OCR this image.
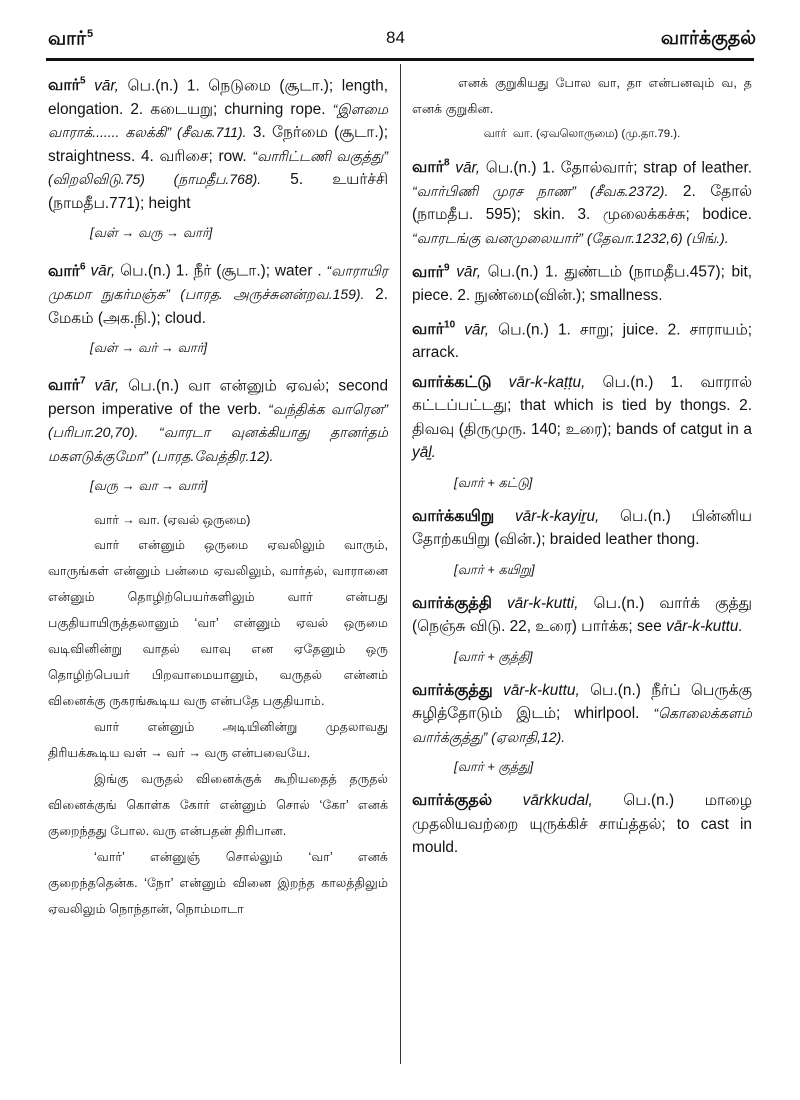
வார்$^5$	84	வார்க்குதல்
வார்$^5$ vār, பெ.(n.) 1. நெடுமை (சூடா.); length, elongation. 2. கடையறு; churning rope. “இளமை வாராக்....... கலக்கி” (சீவக.711). 3. நேர்மை (சூடா.); straightness. 4. வரிசை; row. “வாரிட்டணி வகுத்து” (விறலிவிடு.75) (நாமதீப.768). 5. உயர்ச்சி (நாமதீப.771); height
[வள் → வரு → வார்]
வார்$^6$ vār, பெ.(n.) 1. நீர் (சூடா.); water . “வாராயிர முகமா நுகர்மஞ்சு” (பாரத. அருச்சுனன்றவ.159). 2. மேகம் (அக.நி.); cloud.
[வள் → வர் → வார்]
வார்$^7$ vār, பெ.(n.) வா என்னும் ஏவல்; second person imperative of the verb. “வந்திக்க வாரென” (பரிபா.20,70). “வாரடா வுனக்கியாது தானர்தம் மகளடுக்குமோ” (பாரத.வேத்திர.12).
[வரு → வா → வார்]
வார் → வா. (ஏவல் ஒருமை)
வார் என்னும் ஒருமை ஏவலிலும் வாரும், வாருங்கள் என்னும் பன்மை ஏவலிலும், வார்தல், வாரானை என்னும் தொழிற்பெயர்களிலும் வார் என்பது பகுதியாயிருத்தலானும் ‘வா’ என்னும் ஏவல் ஒருமை வடிவினின்று வாதல் வாவு என ஏதேனும் ஒரு தொழிற்பெயர் பிறவாமையானும், வருதல் என்னம் வினைக்கு ருகரங்கூடிய வரு என்பதே பகுதியாம்.
வார் என்னும் அடியினின்று முதலாவது திரியக்கூடிய வள் → வர் → வரு என்பவையே.
இங்கு வருதல் வினைக்குக் கூறியதைத் தருதல் வினைக்குங் கொள்க கோர் என்னும் சொல் ‘கோ’ எனக் குறைந்தது போல. வரு என்பதன் திரிபான.
‘வார்’ என்னுஞ் சொல்லும் ‘வா’ எனக் குறைந்ததென்க. ‘நோ’ என்னும் வினை இறந்த காலத்திலும் ஏவலிலும் நொந்தான், நொம்மாடா
எனக் குறுகியது போல வா, தா என்பனவும் வ, த எனக் குறுகின.
வார் வா. (ஏவலொருமை) (மு.தா.79.).
வார்$^8$ vār, பெ.(n.) 1. தோல்வார்; strap of leather. “வார்பிணி முரச நாண” (சீவக.2372). 2. தோல் (நாமதீப. 595); skin. 3. முலைக்கச்சு; bodice. “வாரடங்கு வனமுலையார்” (தேவா.1232,6) (பிங்.).
வார்$^9$ vār, பெ.(n.) 1. துண்டம் (நாமதீப.457); bit, piece. 2. நுண்மை(வின்.); smallness.
வார்$^{10}$ vār, பெ.(n.) 1. சாறு; juice. 2. சாராயம்; arrack.
வார்க்கட்டு vār-k-kaṭṭu, பெ.(n.) 1. வாரால் கட்டப்பட்டது; that which is tied by thongs. 2. திவவு (திருமுரு. 140; உரை); bands of catgut in a yāḻ.
[வார் + கட்டு]
வார்க்கயிறு vār-k-kayiṟu, பெ.(n.) பின்னிய தோற்கயிறு (வின்.); braided leather thong.
[வார் + கயிறு]
வார்க்குத்தி vār-k-kutti, பெ.(n.) வார்க் குத்து (நெஞ்சு விடு. 22, உரை) பார்க்க; see vār-k-kuttu.
[வார் + குத்தி]
வார்க்குத்து vār-k-kuttu, பெ.(n.) நீர்ப் பெருக்கு சுழித்தோடும் இடம்; whirlpool. “கொலைக்களம் வார்க்குத்து” (ஏலாதி,12).
[வார் + குத்து]
வார்க்குதல் vārkkudal, பெ.(n.) மாழை முதலியவற்றை யுருக்கிச் சாய்த்தல்; to cast in mould.
